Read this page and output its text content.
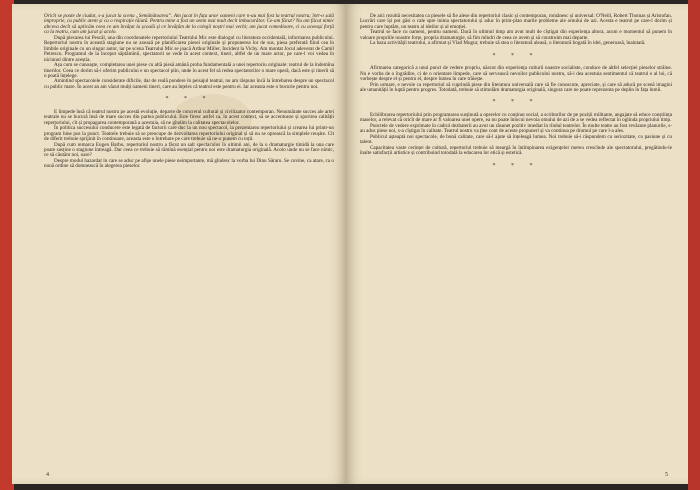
Oricît se poate de ciudat, s-a jucat la scena „Semănătoarea”. Am jucat în fața unor oameni care n-au mai fost la teatrul nostru; într-o sală improprie, cu public atent și cu o respirație tăiată. Pentru mine a fost un semn mai mult decît îmbucurător. Ce-am făcut? Nu am făcut nimic altceva decît să aplicăm ceea ce am învățat la școală și ce învățăm de la colegii noștri mai vechi; am jucat comedioare, ci cu aceeași forță ca la teatru, cum am jucat și acolo.

După plecarea lui Pescăl, una din coordonatele repertoriului Teatrului Mic este dialogul cu literatura occidentală, informarea publicului. Repertoriul nostru în această stagiune nu se axează pe planificarea piesei originale și propunerea lor de sus, piesa preferată fiind cea în limbile originale cu un singur autor, iar pe scena Teatrului Mic se joacă Arthur Miller, Incident la Vichy. Am montat Jocul adeverat de Camil Petrescu. Programul de la început săptămînii, spectatorii se vede în acest context, tineri, altfel de un mare actor, pe care-l voi vedea în niciunul dintre aceștia.

Așa cum se cunoaște, completarea unei piese cu altă piesă amână proba fundamentală a unei repertoriu originale: teatrul de la îndemîna tinerilor. Ceea ce dorim să-i oferim publicului e un spectacol plin, unde în acest fel să redea spectatorilor o mare operă, dacă este și tinerii să o poată înțelege.

Amintind spectacolele considerate dificile, dar de reală pondere în peisajul teatral, nu am răspuns încă la întrebarea despre un spectacol cu public mare. În acest an am văzut mulți oameni tineri, care au înțeles că teatrul este pentru ei. Iar aceasta este o bucurie pentru noi.

* * *

E limpede însă că teatrul nostru pe acestă evoluție, departe de concretul cultural și civilizator contemporan. Nenumărate succes ale artei teatrale nu se bucură însă de mare succes din partea publicului. Este firesc astfel ca, în acest context, să se accentueze și sporirea calității repertoriului, cît și propagarea contemporană a acestuia, să ne gîndim la calitatea spectacolelor.

În politica succesului conducere este legată de factorii care duc la un nou spectacol, la prezentarea repertoriului și crearea lui printr-un program bine pus la punct. Teatrele trebuie să se preocupe de dezvoltarea repertoriului original și să nu se oprească la simplele reușite. Cît de diferit trebuie sprijinit în continuare, aceasta este o întrebare pe care trebuie să ne-o punem cu toții.

După cum remarca Eugen Barbu, repertoriul nostru a făcut un salt spectaculos în ultimii ani, de la o dramaturgie timidă la una care poate susține o stagiune întreagă. Dar ceea ce trebuie să rămînă esențial pentru noi este dramaturgia originală. Acolo unde nu se face nimic, ce să căutăm noi, oare?

Despre modul hazardat în care se aduc pe afișe unele piese neimportante, mă gîndesc la vorba lui Dinu Săraru. Se cuvine, ca atare, ca o nouă ordine să domnească în alegerea pieselor.

4

De aici rezultă necesitatea ca piesele să fie alese din repertoriul clasic și contemporan, românesc și universal: O'Neill, Robert Thomas și Aristofan. Lucrări care își pot găsi o cale spre inima spectatorului și aduc în prim-plan marile probleme ale omului de azi. Acesta e teatrul pe care-l dorim și pentru care luptăm, un teatru al ideilor și al emoției.

Teatrul se face cu oameni, pentru oameni. Dacă în ultimul timp am avut mult de cîștigat din experiența altora, acum e momentul să punem în valoare propriile noastre forțe, propria dramaturgie, să fim mîndri de ceea ce avem și să construim mai departe.

La baza activității teatrului, a afirmat și Vlad Mugur, trebuie să stea o literatură aleasă, o literatură bogată în idei, generoasă, înaintată.

* * *

Afirmarea categorică a unui punct de vedere propriu, născut din experiența culturii noastre socialiste, conduce de altfel selecției pieselor străine. Nu e vorba de o îngrădire, ci de o orientare limpede, care să servească nevoilor publicului nostru, să-i dea acestuia sentimentul că teatrul e al lui, că vorbește despre el și pentru el, despre lumea în care trăiește.

Prin urmare, e nevoie ca repertoriul să cuprindă piese din literatura universală care să fie cunoscute, apreciate, și care să aducă pe scenă imagini ale umanității în luptă pentru progres. Totodată, trebuie să stimulăm dramaturgia originală, singura care ne poate reprezenta pe deplin în fața lumii.

* * *

Echilibrarea repertoriului prin programarea susținută a operelor cu conținut social, a scriitorilor de pe poziții militante, angajate să educe conștiința maselor, a relevat că oricît de mare ar fi valoarea unei opere, ea nu poate înlocui nevoia omului de azi de a se vedea reflectat în oglinda propriului timp.

Punctele de vedere exprimate în cadrul dezbaterii au avut un răsunet pozitiv imediat în rîndul teatrelor. În multe teatre au fost revăzute planurile, s-au adus piese noi, s-a cîștigat în calitate. Teatrul nostru va ține cont de aceste propuneri și va continua pe drumul pe care l-a ales.

Publicul așteaptă noi spectacole, de bună calitate, care să-l ajute să înțeleagă lumea. Noi trebuie să-i răspundem cu seriozitate, cu pasiune și cu talent.

Capacitatea vaste cerinței de cultură, repertoriul trebuie să meargă în întîmpinarea exigențelor mereu crescînde ale spectatorului, pregătindu-le înalte satisfacții artistice și contribuind totodată la educarea lor etică și estetică.

* * *
5
